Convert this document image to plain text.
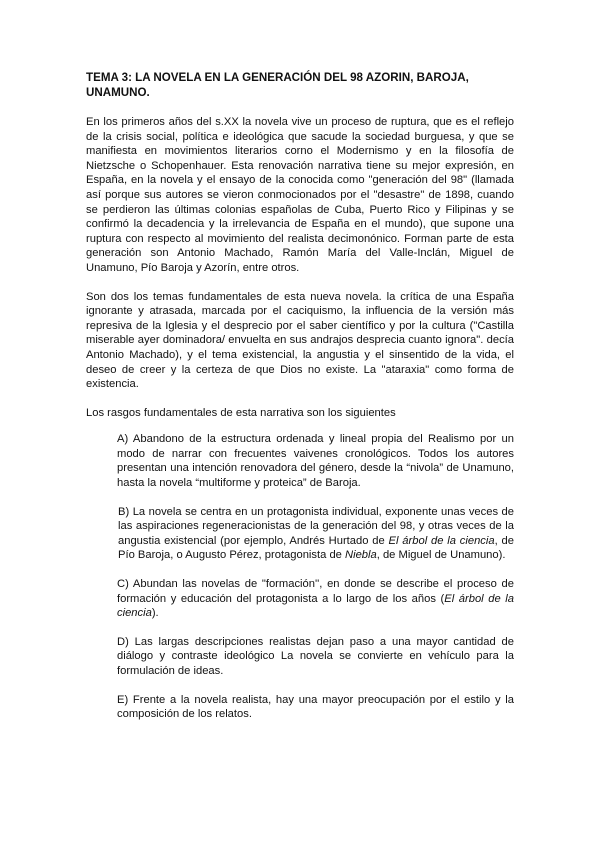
TEMA 3: LA NOVELA EN LA GENERACIÓN DEL 98 AZORIN, BAROJA, UNAMUNO.

En los primeros años del s.XX la novela vive un proceso de ruptura, que es el reflejo de la crisis social, política e ideológica que sacude la sociedad burguesa, y que se manifiesta en movimientos literarios corno el Modernismo y en la filosofía de Nietzsche o Schopenhauer. Esta renovación narrativa tiene su mejor expresión, en España, en la novela y el ensayo de la conocida como "generación del 98" (llamada así porque sus autores se vieron conmocionados por el "desastre" de 1898, cuando se perdieron las últimas colonias españolas de Cuba, Puerto Rico y Filipinas y se confirmó la decadencia y la irrelevancia de España en el mundo), que supone una ruptura con respecto al movimiento del realista decimonónico. Forman parte de esta generación son Antonio Machado, Ramón María del Valle-Inclán, Miguel de Unamuno, Pío Baroja y Azorín, entre otros.

Son dos los temas fundamentales de esta nueva novela. la crítica de una España ignorante y atrasada, marcada por el caciquismo, la influencia de la versión más represiva de la Iglesia y el desprecio por el saber científico y por la cultura ("Castilla miserable ayer dominadora/ envuelta en sus andrajos desprecia cuanto ignora". decía Antonio Machado), y el tema existencial, la angustia y el sinsentido de la vida, el deseo de creer y la certeza de que Dios no existe. La "ataraxia" como forma de existencia.

Los rasgos fundamentales de esta narrativa son los siguientes

A) Abandono de la estructura ordenada y lineal propia del Realismo por un modo de narrar con frecuentes vaivenes cronológicos. Todos los autores presentan una intención renovadora del género, desde la “nivola” de Unamuno, hasta la novela “multiforme y proteica” de Baroja.

B) La novela se centra en un protagonista individual, exponente unas veces de las aspiraciones regeneracionistas de la generación del 98, y otras veces de la angustia existencial (por ejemplo, Andrés Hurtado de El árbol de la ciencia, de Pío Baroja, o Augusto Pérez, protagonista de Niebla, de Miguel de Unamuno).

C) Abundan las novelas de "formación'', en donde se describe el proceso de formación y educación del protagonista a lo largo de los años (El árbol de la ciencia).

D) Las largas descripciones realistas dejan paso a una mayor cantidad de diálogo y contraste ideológico La novela se convierte en vehículo para la formulación de ideas.

E) Frente a la novela realista, hay una mayor preocupación por el estilo y la composición de los relatos.
